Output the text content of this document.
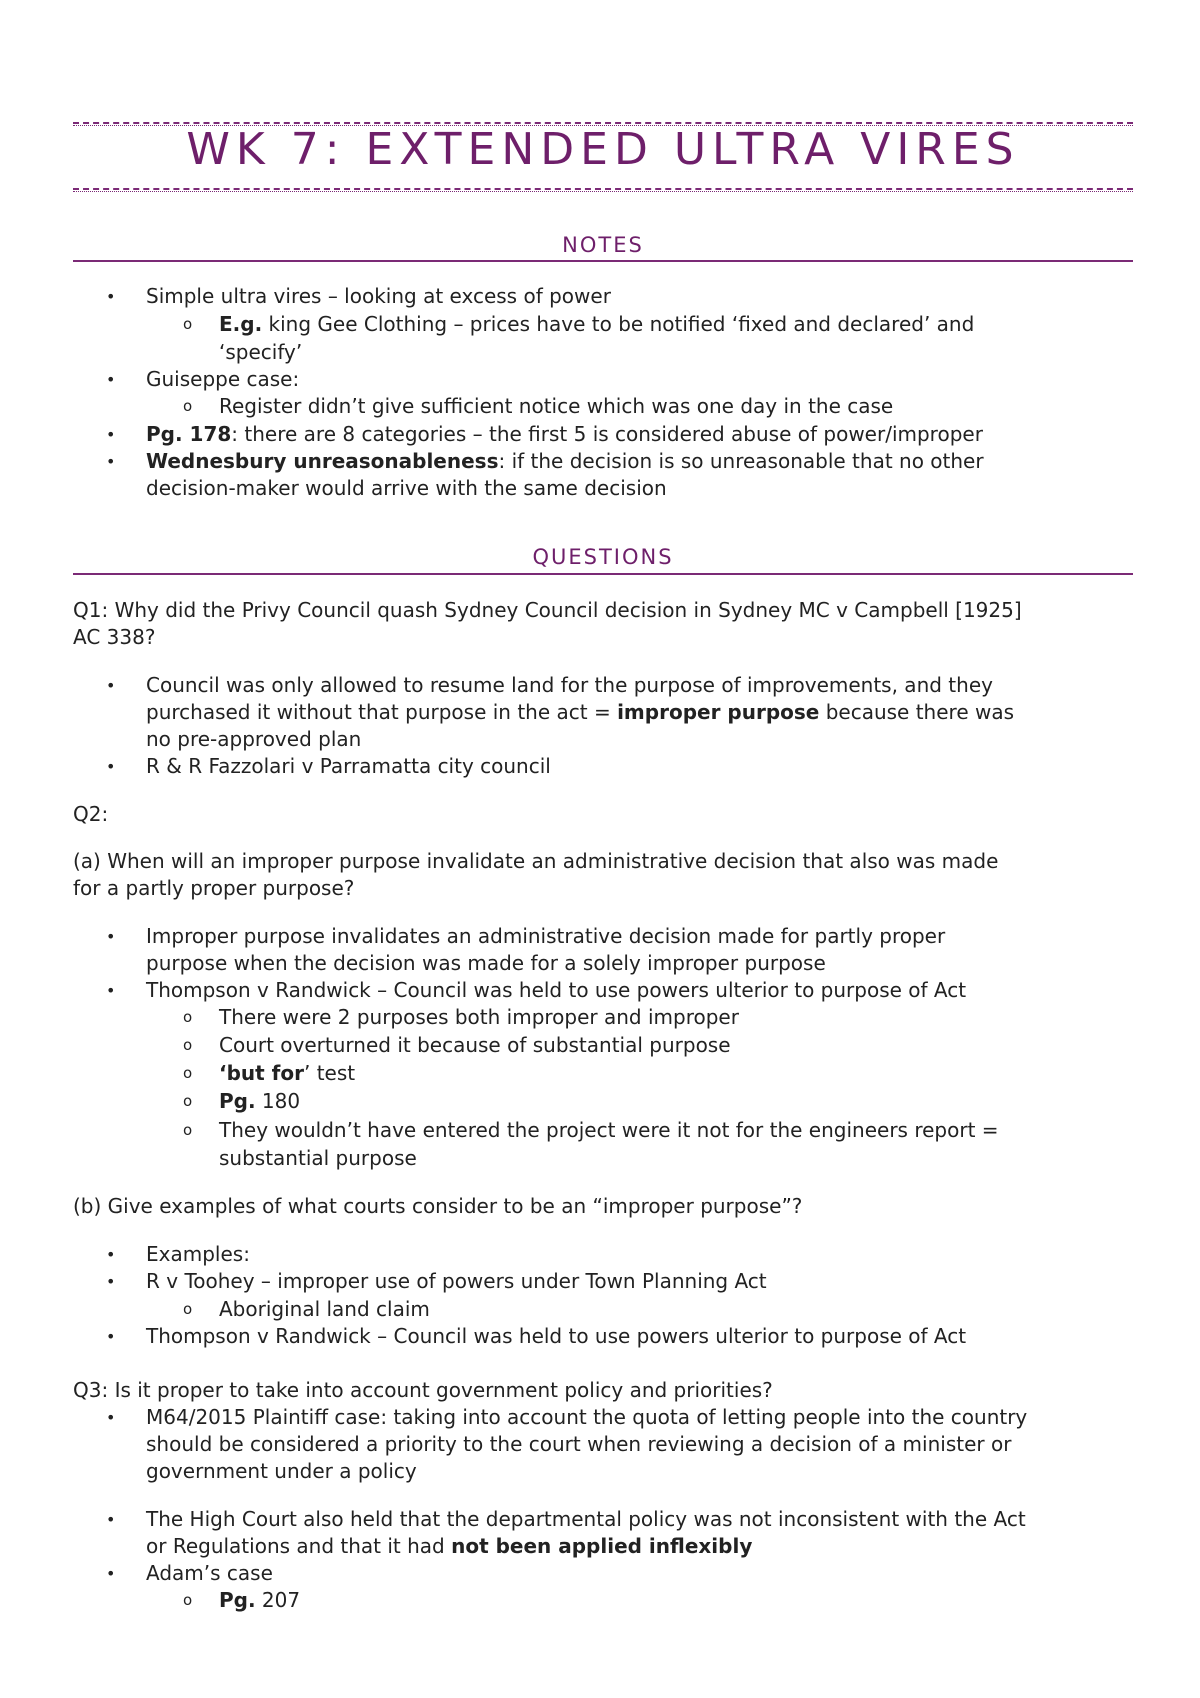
WK 7: EXTENDED ULTRA VIRES
NOTES
• Simple ultra vires – looking at excess of power
o E.g. king Gee Clothing – prices have to be notified ‘fixed and declared’ and
‘specify’
• Guiseppe case:
o Register didn’t give sufficient notice which was one day in the case
• Pg. 178: there are 8 categories – the first 5 is considered abuse of power/improper
• Wednesbury unreasonableness: if the decision is so unreasonable that no other
decision-maker would arrive with the same decision
QUESTIONS
Q1: Why did the Privy Council quash Sydney Council decision in Sydney MC v Campbell [1925]
AC 338?
• Council was only allowed to resume land for the purpose of improvements, and they
purchased it without that purpose in the act = improper purpose because there was
no pre-approved plan
• R & R Fazzolari v Parramatta city council
Q2:
(a) When will an improper purpose invalidate an administrative decision that also was made
for a partly proper purpose?
• Improper purpose invalidates an administrative decision made for partly proper
purpose when the decision was made for a solely improper purpose
• Thompson v Randwick – Council was held to use powers ulterior to purpose of Act
o There were 2 purposes both improper and improper
o Court overturned it because of substantial purpose
o ‘but for’ test
o Pg. 180
o They wouldn’t have entered the project were it not for the engineers report =
substantial purpose
(b) Give examples of what courts consider to be an “improper purpose”?
• Examples:
• R v Toohey – improper use of powers under Town Planning Act
o Aboriginal land claim
• Thompson v Randwick – Council was held to use powers ulterior to purpose of Act
Q3: Is it proper to take into account government policy and priorities?
• M64/2015 Plaintiff case: taking into account the quota of letting people into the country
should be considered a priority to the court when reviewing a decision of a minister or
government under a policy
• The High Court also held that the departmental policy was not inconsistent with the Act
or Regulations and that it had not been applied inflexibly
• Adam’s case
o Pg. 207
